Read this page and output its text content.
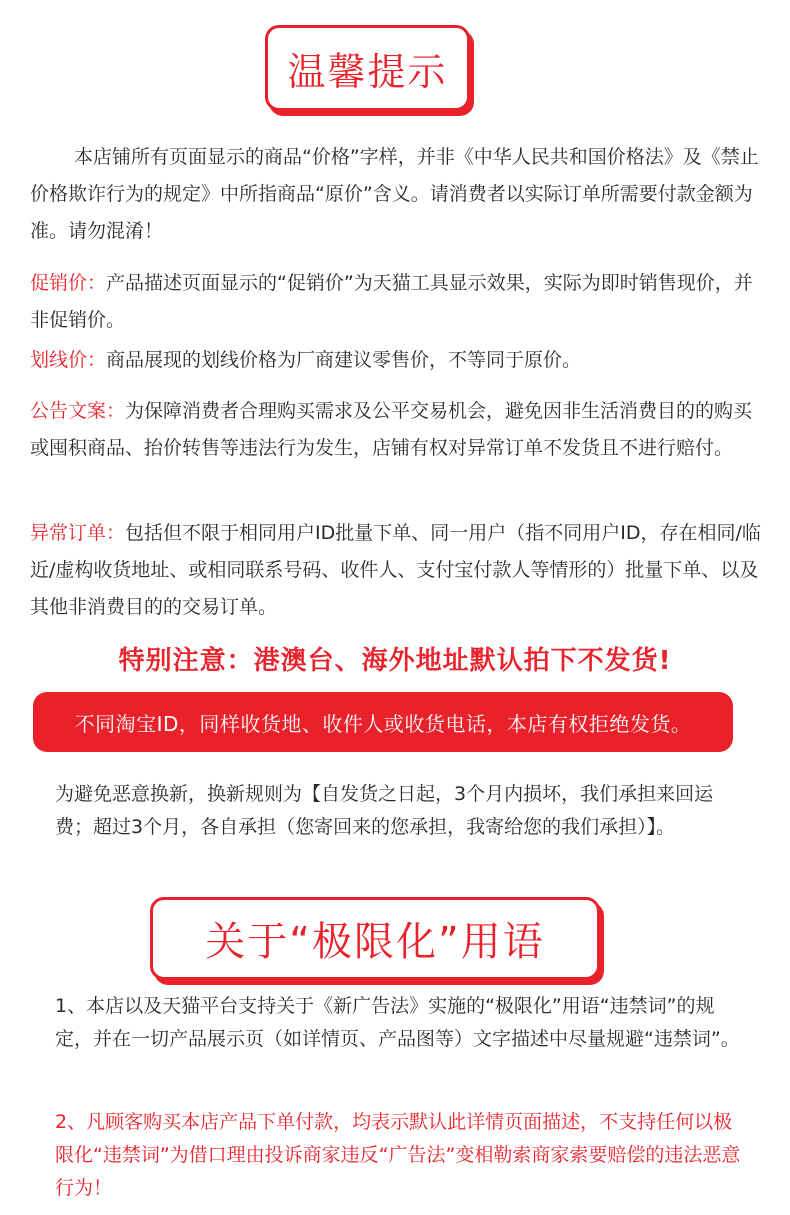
温馨提示

本店铺所有页面显示的商品“价格”字样，并非《中华人民共和国价格法》及《禁止价格欺诈行为的规定》中所指商品“原价”含义。请消费者以实际订单所需要付款金额为准。请勿混淆！

促销价：产品描述页面显示的“促销价”为天猫工具显示效果，实际为即时销售现价，并非促销价。

划线价：商品展现的划线价格为厂商建议零售价，不等同于原价。

公告文案：为保障消费者合理购买需求及公平交易机会，避免因非生活消费目的的购买或囤积商品、抬价转售等违法行为发生，店铺有权对异常订单不发货且不进行赔付。

异常订单：包括但不限于相同用户ID批量下单、同一用户（指不同用户ID，存在相同/临近/虚构收货地址、或相同联系号码、收件人、支付宝付款人等情形的）批量下单、以及其他非消费目的的交易订单。

特别注意：港澳台、海外地址默认拍下不发货!

不同淘宝ID，同样收货地、收件人或收货电话，本店有权拒绝发货。

为避免恶意换新，换新规则为【自发货之日起，3个月内损坏，我们承担来回运费；超过3个月，各自承担（您寄回来的您承担，我寄给您的我们承担）】。

关于“极限化”用语

1、本店以及天猫平台支持关于《新广告法》实施的“极限化”用语“违禁词”的规定，并在一切产品展示页（如详情页、产品图等）文字描述中尽量规避“违禁词”。

2、凡顾客购买本店产品下单付款，均表示默认此详情页面描述，不支持任何以极限化“违禁词”为借口理由投诉商家违反“广告法”变相勒索商家索要赔偿的违法恶意行为！
